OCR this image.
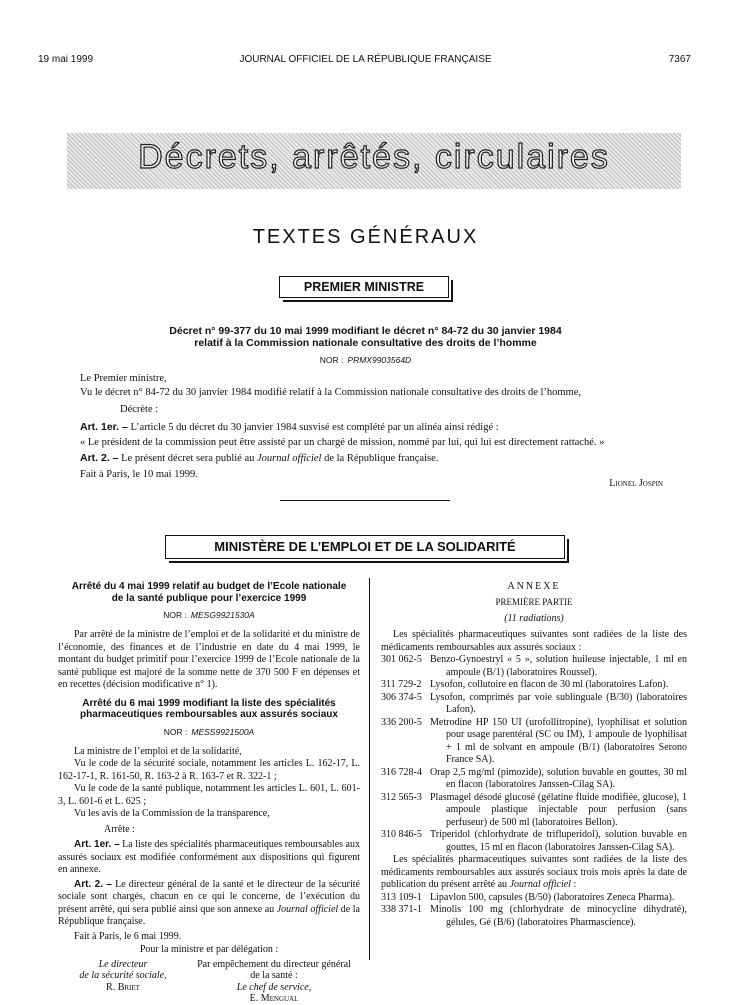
19 mai 1999	JOURNAL OFFICIEL DE LA RÉPUBLIQUE FRANÇAISE	7367
Décrets, arrêtés, circulaires
TEXTES GÉNÉRAUX
PREMIER MINISTRE
Décret n° 99-377 du 10 mai 1999 modifiant le décret n° 84-72 du 30 janvier 1984
relatif à la Commission nationale consultative des droits de l’homme
NOR : PRMX9903564D
Le Premier ministre,
Vu le décret n° 84-72 du 30 janvier 1984 modifié relatif à la Commission nationale consultative des droits de l’homme,
Décrète :
Art. 1er. – L’article 5 du décret du 30 janvier 1984 susvisé est complété par un alinéa ainsi rédigé :
« Le président de la commission peut être assisté par un chargé de mission, nommé par lui, qui lui est directement rattaché. »
Art. 2. – Le présent décret sera publié au Journal officiel de la République française.
Fait à Paris, le 10 mai 1999.
Lionel Jospin
MINISTÈRE DE L’EMPLOI ET DE LA SOLIDARITÉ
Arrêté du 4 mai 1999 relatif au budget de l’Ecole nationale
de la santé publique pour l’exercice 1999
NOR : MESG9921530A
Par arrêté de la ministre de l’emploi et de la solidarité et du ministre de l’économie, des finances et de l’industrie en date du 4 mai 1999, le montant du budget primitif pour l’exercice 1999 de l’Ecole nationale de la santé publique est majoré de la somme nette de 370 500 F en dépenses et en recettes (décision modificative n° 1).
Arrêté du 6 mai 1999 modifiant la liste des spécialités
pharmaceutiques remboursables aux assurés sociaux
NOR : MESS9921500A
La ministre de l’emploi et de la solidarité,
Vu le code de la sécurité sociale, notamment les articles L. 162-17, L. 162-17-1, R. 161-50, R. 163-2 à R. 163-7 et R. 322-1 ;
Vu le code de la santé publique, notamment les articles L. 601, L. 601-3, L. 601-6 et L. 625 ;
Vu les avis de la Commission de la transparence,
Arrête :
Art. 1er. – La liste des spécialités pharmaceutiques remboursables aux assurés sociaux est modifiée conformément aux dispositions qui figurent en annexe.
Art. 2. – Le directeur général de la santé et le directeur de la sécurité sociale sont chargés, chacun en ce qui le concerne, de l’exécution du présent arrêté, qui sera publié ainsi que son annexe au Journal officiel de la République française.
Fait à Paris, le 6 mai 1999.
Pour la ministre et par délégation :
Le directeur
de la sécurité sociale,
R. Briet
Par empêchement du directeur général
de la santé :
Le chef de service,
E. Mengual
ANNEXE
PREMIÈRE PARTIE
(11 radiations)
Les spécialités pharmaceutiques suivantes sont radiées de la liste des médicaments remboursables aux assurés sociaux :
301 062-5 Benzo-Gynoestryl « 5 », solution huileuse injectable, 1 ml en ampoule (B/1) (laboratoires Roussel).
311 729-2 Lysofon, collutoire en flacon de 30 ml (laboratoires Lafon).
306 374-5 Lysofon, comprimés par voie sublinguale (B/30) (laboratoires Lafon).
336 200-5 Metrodine HP 150 UI (urofollitropine), lyophilisat et solution pour usage parentéral (SC ou IM), 1 ampoule de lyophilisat + 1 ml de solvant en ampoule (B/1) (laboratoires Serono France SA).
316 728-4 Orap 2,5 mg/ml (pimozide), solution buvable en gouttes, 30 ml en flacon (laboratoires Janssen-Cilag SA).
312 565-3 Plasmagel désodé glucosé (gélatine fluide modifiée, glucose), 1 ampoule plastique injectable pour perfusion (sans perfuseur) de 500 ml (laboratoires Bellon).
310 846-5 Triperidol (chlorhydrate de trifluperidol), solution buvable en gouttes, 15 ml en flacon (laboratoires Janssen-Cilag SA).
Les spécialités pharmaceutiques suivantes sont radiées de la liste des médicaments remboursables aux assurés sociaux trois mois après la date de publication du présent arrêté au Journal officiel :
313 109-1 Lipavlon 500, capsules (B/50) (laboratoires Zeneca Pharma).
338 371-1 Minolis 100 mg (chlorhydrate de minocycline dihydraté), gélules, Gé (B/6) (laboratoires Pharmascience).
